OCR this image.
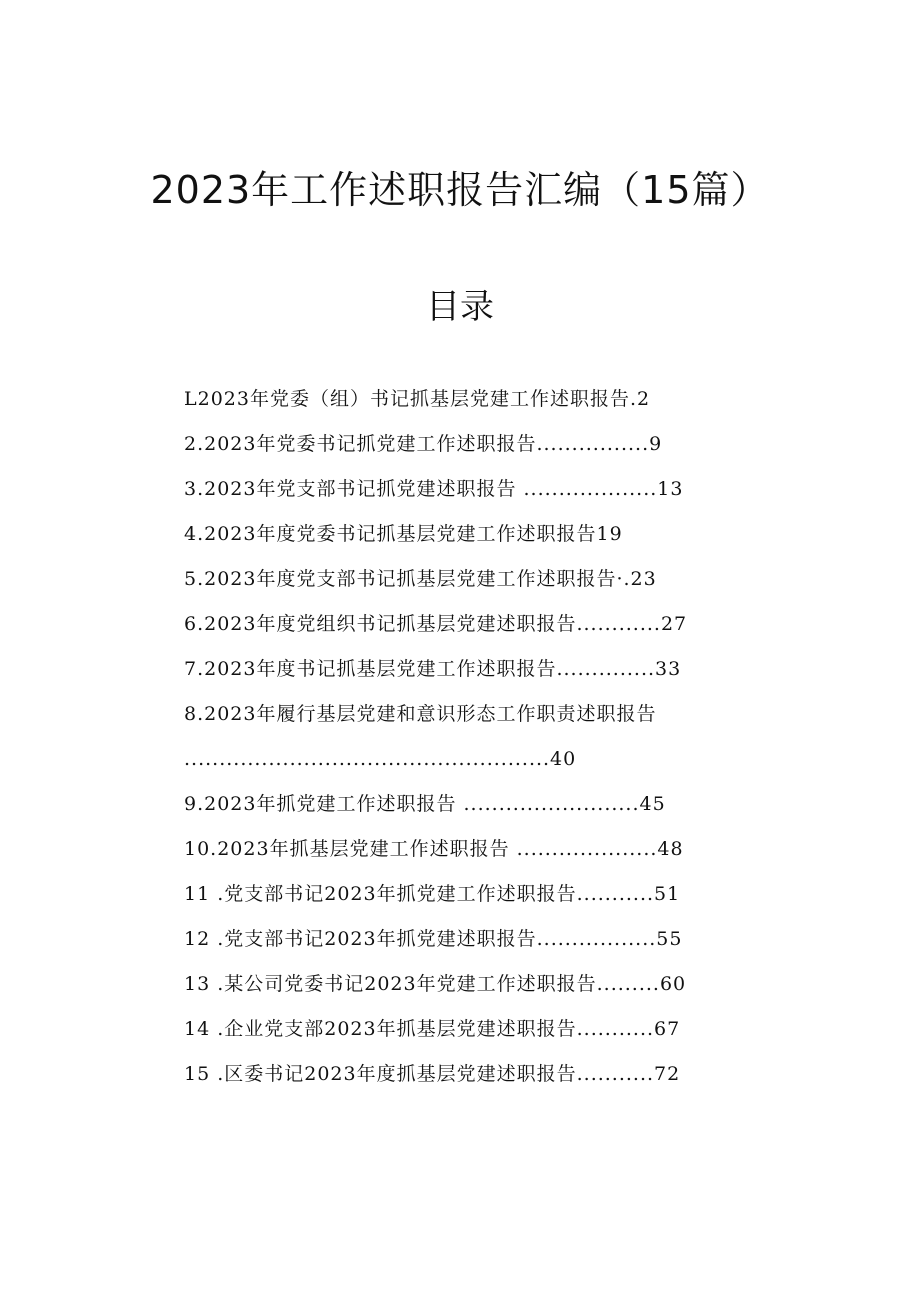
2023年工作述职报告汇编（15篇）
目录
L2023年党委（组）书记抓基层党建工作述职报告.2
2.2023年党委书记抓党建工作述职报告................9
3.2023年党支部书记抓党建述职报告 ...................13
4.2023年度党委书记抓基层党建工作述职报告19
5.2023年度党支部书记抓基层党建工作述职报告·.23
6.2023年度党组织书记抓基层党建述职报告............27
7.2023年度书记抓基层党建工作述职报告..............33
8.2023年履行基层党建和意识形态工作职责述职报告
....................................................40
9.2023年抓党建工作述职报告 .........................45
10.2023年抓基层党建工作述职报告 ....................48
11 .党支部书记2023年抓党建工作述职报告...........51
12 .党支部书记2023年抓党建述职报告.................55
13 .某公司党委书记2023年党建工作述职报告.........60
14 .企业党支部2023年抓基层党建述职报告...........67
15 .区委书记2023年度抓基层党建述职报告...........72
